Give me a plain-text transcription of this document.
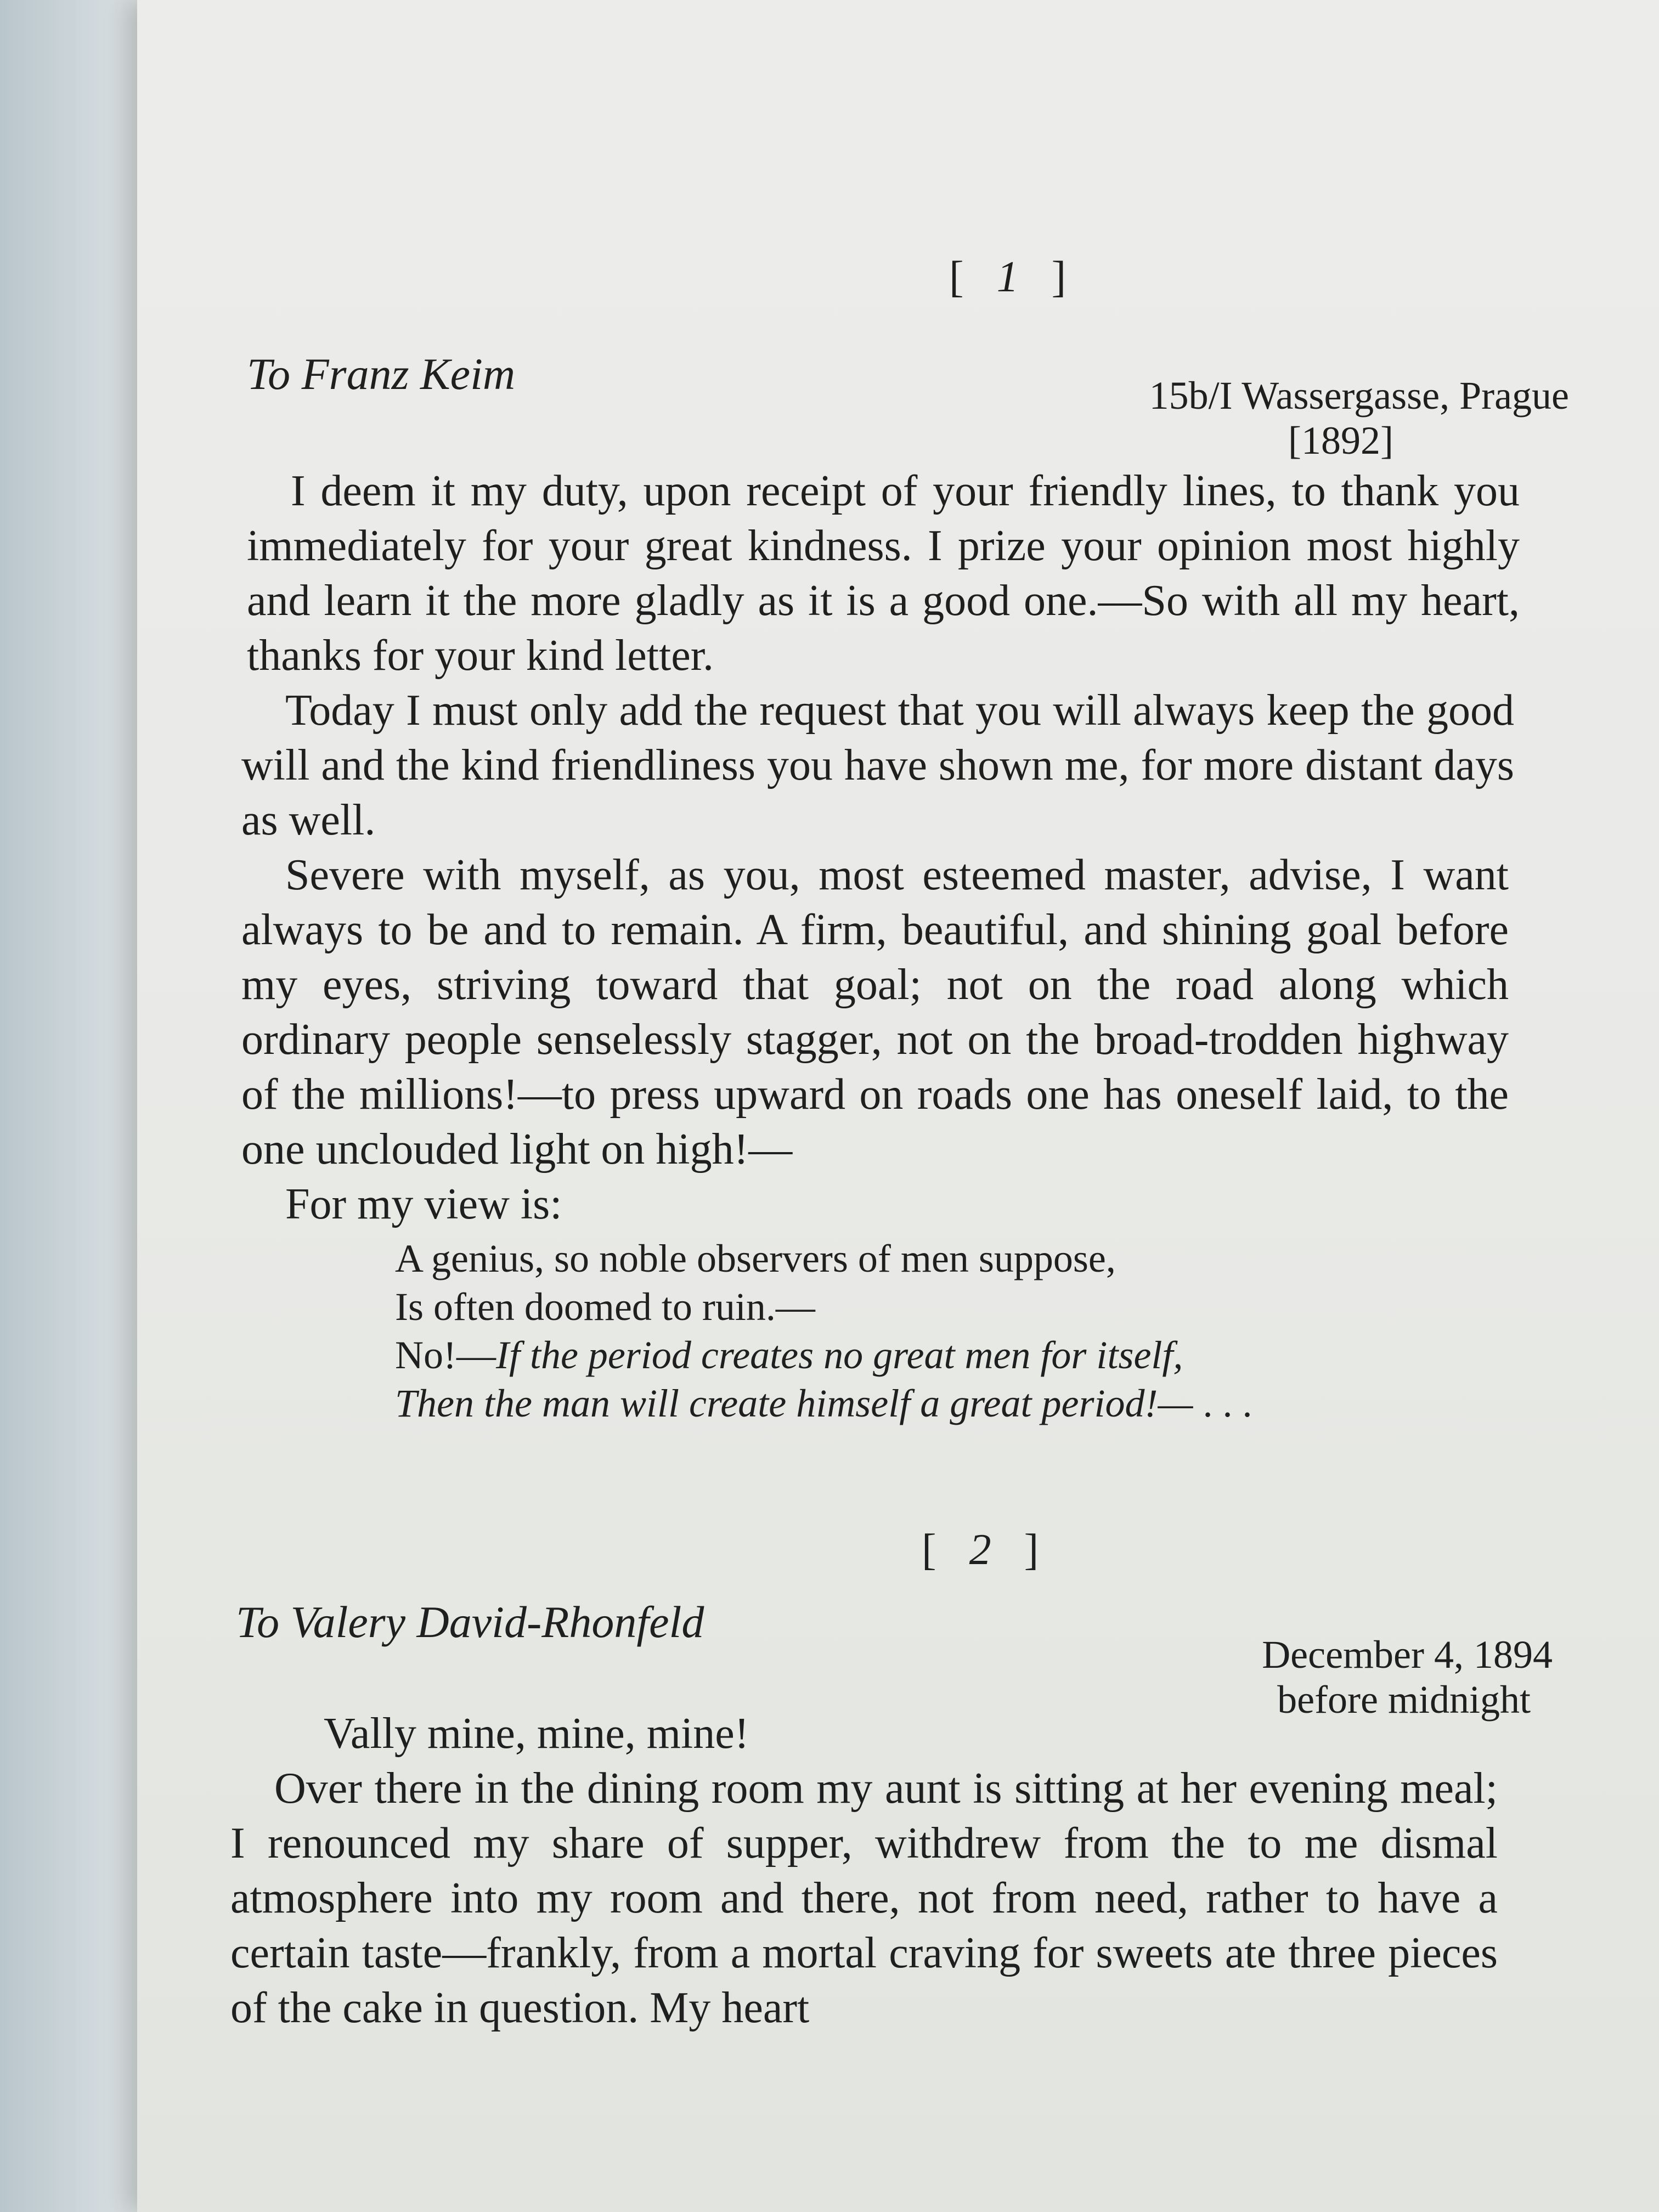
[ 1 ]
To Franz Keim	15b/I Wassergasse, Prague
[1892]
I deem it my duty, upon receipt of your friendly lines, to thank you immediately for your great kindness. I prize your opinion most highly and learn it the more gladly as it is a good one.—So with all my heart, thanks for your kind letter.
Today I must only add the request that you will always keep the good will and the kind friendliness you have shown me, for more distant days as well.
Severe with myself, as you, most esteemed master, advise, I want always to be and to remain. A firm, beautiful, and shining goal before my eyes, striving toward that goal; not on the road along which ordinary people senselessly stagger, not on the broad-trodden highway of the millions!—to press upward on roads one has oneself laid, to the one unclouded light on high!—
For my view is:
A genius, so noble observers of men suppose,
Is often doomed to ruin.—
No!—If the period creates no great men for itself,
Then the man will create himself a great period!— . . .
[ 2 ]
To Valery David-Rhonfeld
December 4, 1894
before midnight
Vally mine, mine, mine!
Over there in the dining room my aunt is sitting at her evening meal; I renounced my share of supper, withdrew from the to me dismal atmosphere into my room and there, not from need, rather to have a certain taste—frankly, from a mortal craving for sweets ate three pieces of the cake in question. My heart
